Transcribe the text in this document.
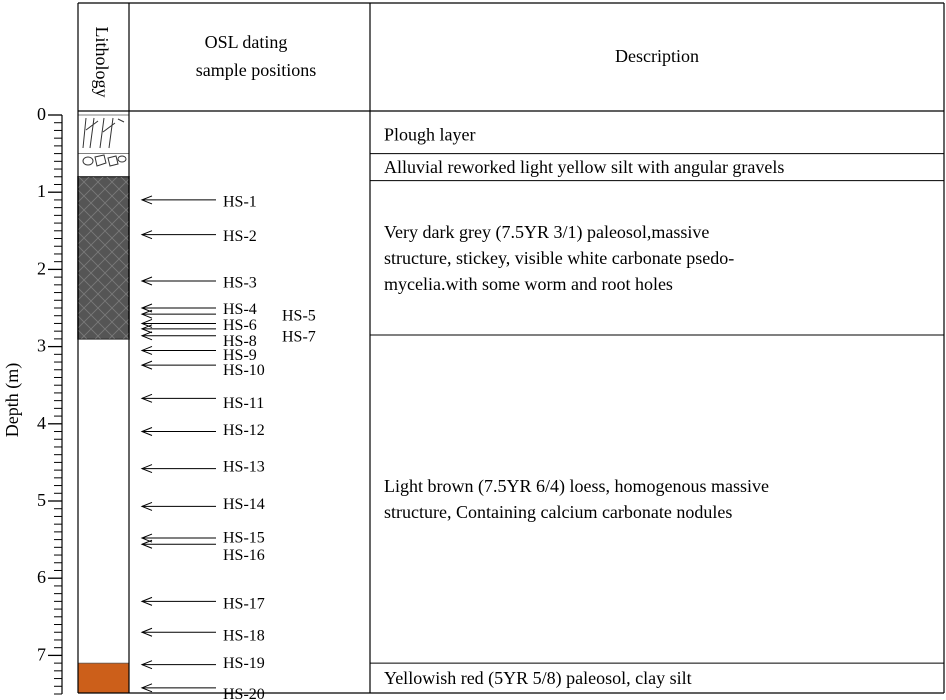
Lithology	OSL dating
sample positions
Description
Depth (m)
0
1
2
3
4
5
6
7
Plough layer
Alluvial reworked light yellow silt with angular gravels
Very dark grey (7.5YR 3/1) paleosol,massive
structure, stickey, visible white carbonate psedo-
mycelia.with some worm and root holes
Light brown (7.5YR 6/4) loess, homogenous massive
structure, Containing calcium carbonate nodules
Yellowish red (5YR 5/8) paleosol, clay silt
HS-1
HS-2
HS-3
HS-4 HS-5
HS-6
HS-7
HS-8
HS-9
HS-10
HS-11
HS-12
HS-13
HS-14
HS-15
HS-16
HS-17
HS-18
HS-19
HS-20
